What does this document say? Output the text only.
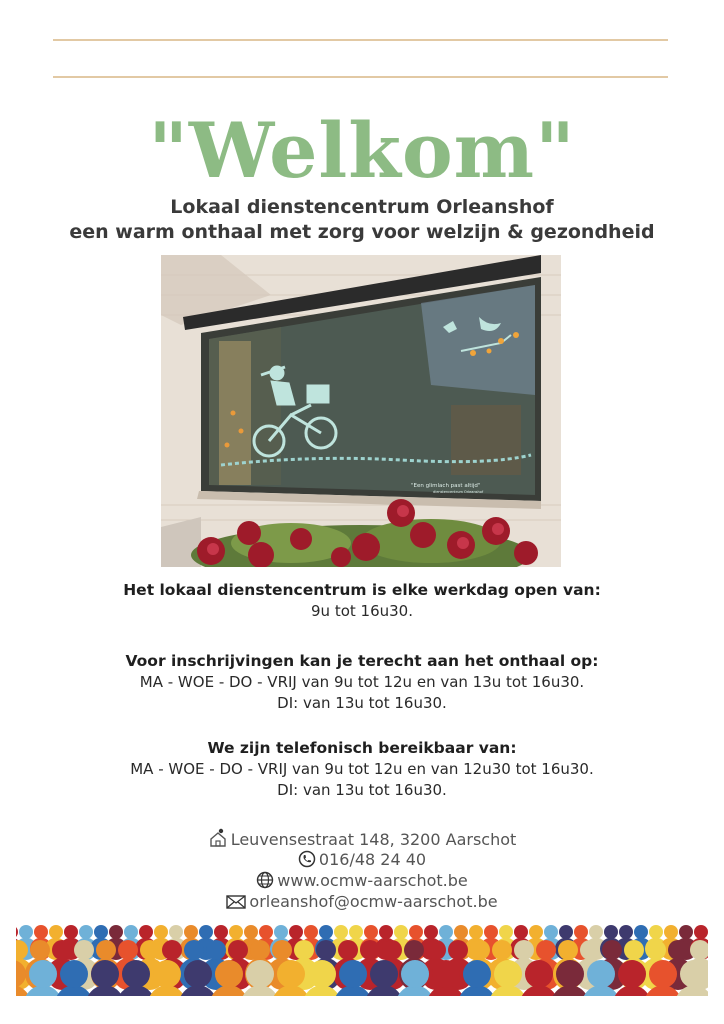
"Welkom"
Lokaal dienstencentrum Orleanshof
een warm onthaal met zorg voor welzijn & gezondheid
"Een glimlach past altijd"
dienstencentrum Orleanshof
Het lokaal dienstencentrum is elke werkdag open van:
9u tot 16u30.
Voor inschrijvingen kan je terecht aan het onthaal op:
MA - WOE - DO - VRIJ van 9u tot 12u en van 13u tot 16u30.
DI: van 13u tot 16u30.
We zijn telefonisch bereikbaar van:
MA - WOE - DO - VRIJ van 9u tot 12u en van 12u30 tot 16u30.
DI: van 13u tot 16u30.
Leuvensestraat 148, 3200 Aarschot
016/48 24 40
www.ocmw-aarschot.be
orleanshof@ocmw-aarschot.be
